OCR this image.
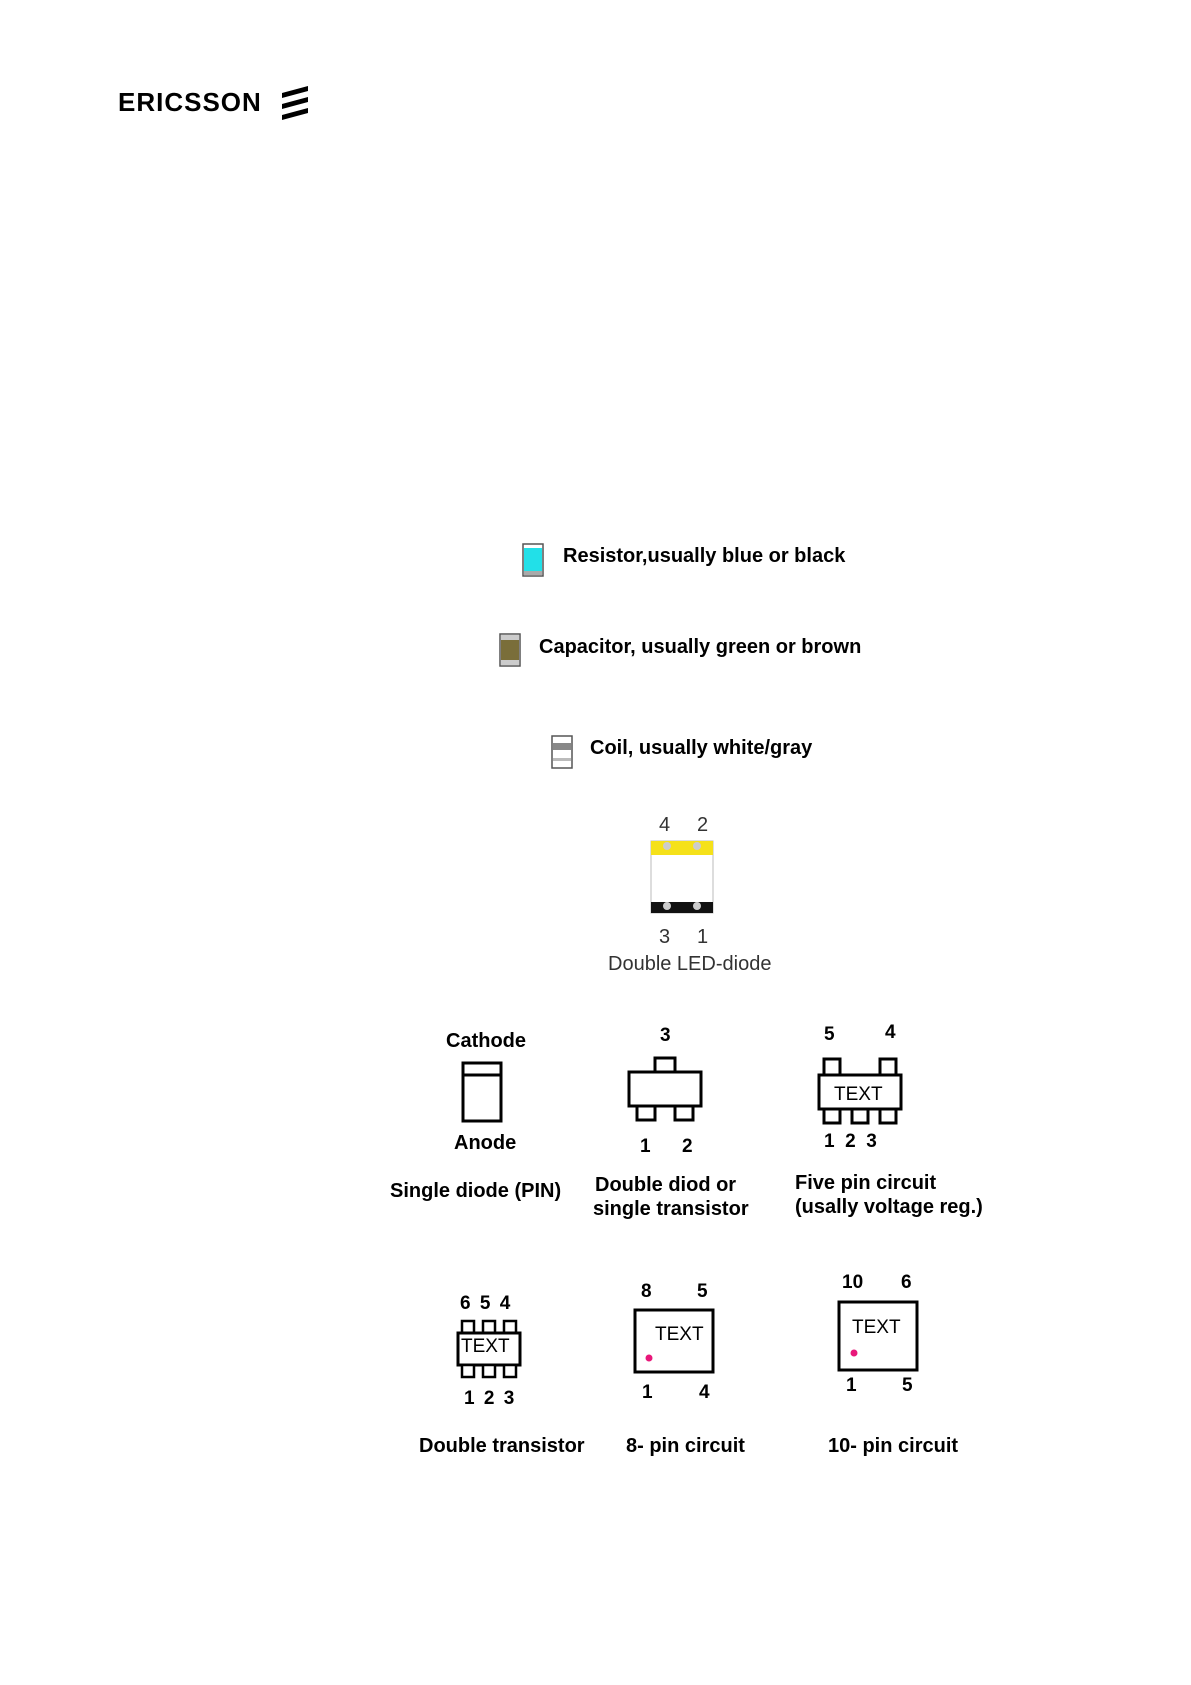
ERICSSON
Resistor,usually blue or black
Capacitor, usually green or brown
Coil, usually white/gray
4 2
3 1
Double LED-diode
Cathode
Anode
Single diode (PIN)
3
1 2
Double diod or
single transistor
5	4
TEXT
1  2  3
Five pin circuit
(usally voltage reg.)
6 5 4
TEXT
1 2 3
Double transistor
8 5
TEXT
1 4
8- pin circuit
10 6
TEXT
1 5
10- pin circuit
